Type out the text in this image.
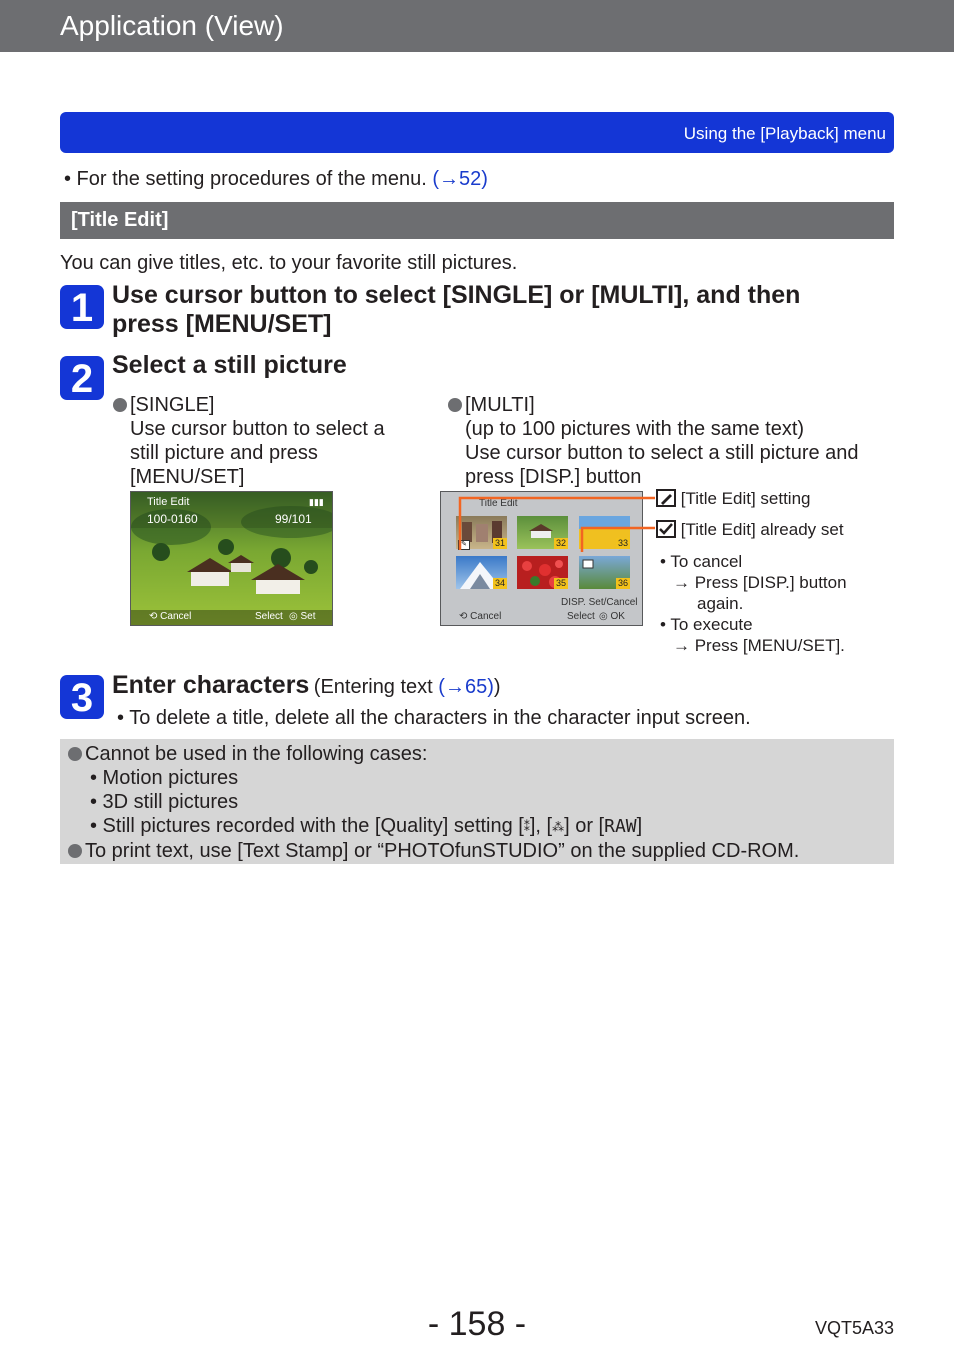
Application (View)
Using the [Playback] menu
• For the setting procedures of the menu. (→52)
[Title Edit]
You can give titles, etc. to your favorite still pictures.
1 Use cursor button to select [SINGLE] or [MULTI], and then
press [MENU/SET]
2 Select a still picture
[SINGLE]
Use cursor button to select a
still picture and press
[MENU/SET]
Title Edit
100-0160	99/101
▮▮▮
⟲ Cancel	Select ◎ Set
[MULTI]
(up to 100 pictures with the same text)
Use cursor button to select a still picture and
press [DISP.] button
Title Edit
31	32	33
34	35	36
✎
DISP. Set/Cancel
⟲ Cancel	Select ◎ OK
[Title Edit] setting
[Title Edit] already set
• To cancel
→ Press [DISP.] button
again.
• To execute
→ Press [MENU/SET].
3 Enter characters (Entering text (→65))
• To delete a title, delete all the characters in the character input screen.
Cannot be used in the following cases:
• Motion pictures
• 3D still pictures
• Still pictures recorded with the [Quality] setting [⁑], [⁂] or [RAW]
To print text, use [Text Stamp] or “PHOTOfunSTUDIO” on the supplied CD-ROM.
- 158 -	VQT5A33
